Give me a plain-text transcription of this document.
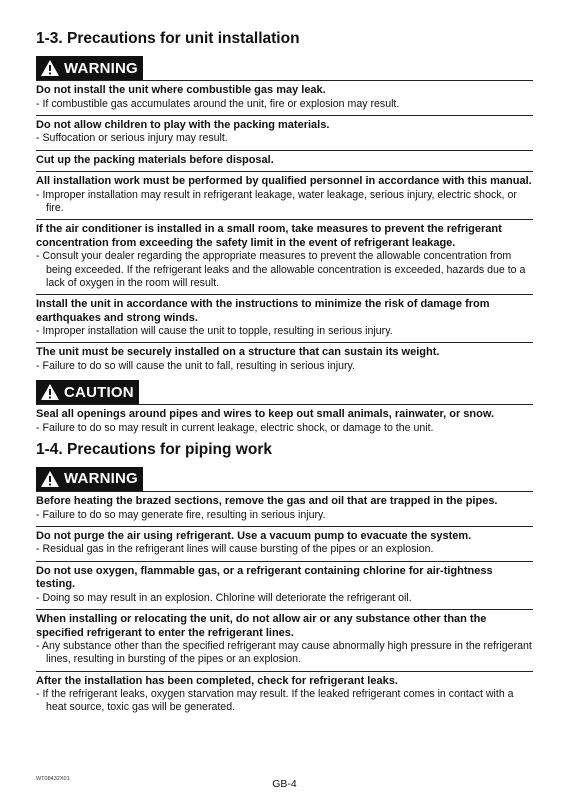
1-3. Precautions for unit installation
WARNING
Do not install the unit where combustible gas may leak.
- If combustible gas accumulates around the unit, fire or explosion may result.
Do not allow children to play with the packing materials.
- Suffocation or serious injury may result.
Cut up the packing materials before disposal.
All installation work must be performed by qualified personnel in accordance with this manual.
- Improper installation may result in refrigerant leakage, water leakage, serious injury, electric shock, or fire.
If the air conditioner is installed in a small room, take measures to prevent the refrigerant concentration from exceeding the safety limit in the event of refrigerant leakage.
- Consult your dealer regarding the appropriate measures to prevent the allowable concentration from being exceeded. If the refrigerant leaks and the allowable concentration is exceeded, hazards due to a lack of oxygen in the room will result.
Install the unit in accordance with the instructions to minimize the risk of damage from earthquakes and strong winds.
- Improper installation will cause the unit to topple, resulting in serious injury.
The unit must be securely installed on a structure that can sustain its weight.
- Failure to do so will cause the unit to fall, resulting in serious injury.
CAUTION
Seal all openings around pipes and wires to keep out small animals, rainwater, or snow.
- Failure to do so may result in current leakage, electric shock, or damage to the unit.
1-4. Precautions for piping work
WARNING
Before heating the brazed sections, remove the gas and oil that are trapped in the pipes.
- Failure to do so may generate fire, resulting in serious injury.
Do not purge the air using refrigerant. Use a vacuum pump to evacuate the system.
- Residual gas in the refrigerant lines will cause bursting of the pipes or an explosion.
Do not use oxygen, flammable gas, or a refrigerant containing chlorine for air-tightness testing.
- Doing so may result in an explosion. Chlorine will deteriorate the refrigerant oil.
When installing or relocating the unit, do not allow air or any substance other than the specified refrigerant to enter the refrigerant lines.
- Any substance other than the specified refrigerant may cause abnormally high pressure in the refrigerant lines, resulting in bursting of the pipes or an explosion.
After the installation has been completed, check for refrigerant leaks.
- If the refrigerant leaks, oxygen starvation may result. If the leaked refrigerant comes in contact with a heat source, toxic gas will be generated.
WT08432X01	GB-4
